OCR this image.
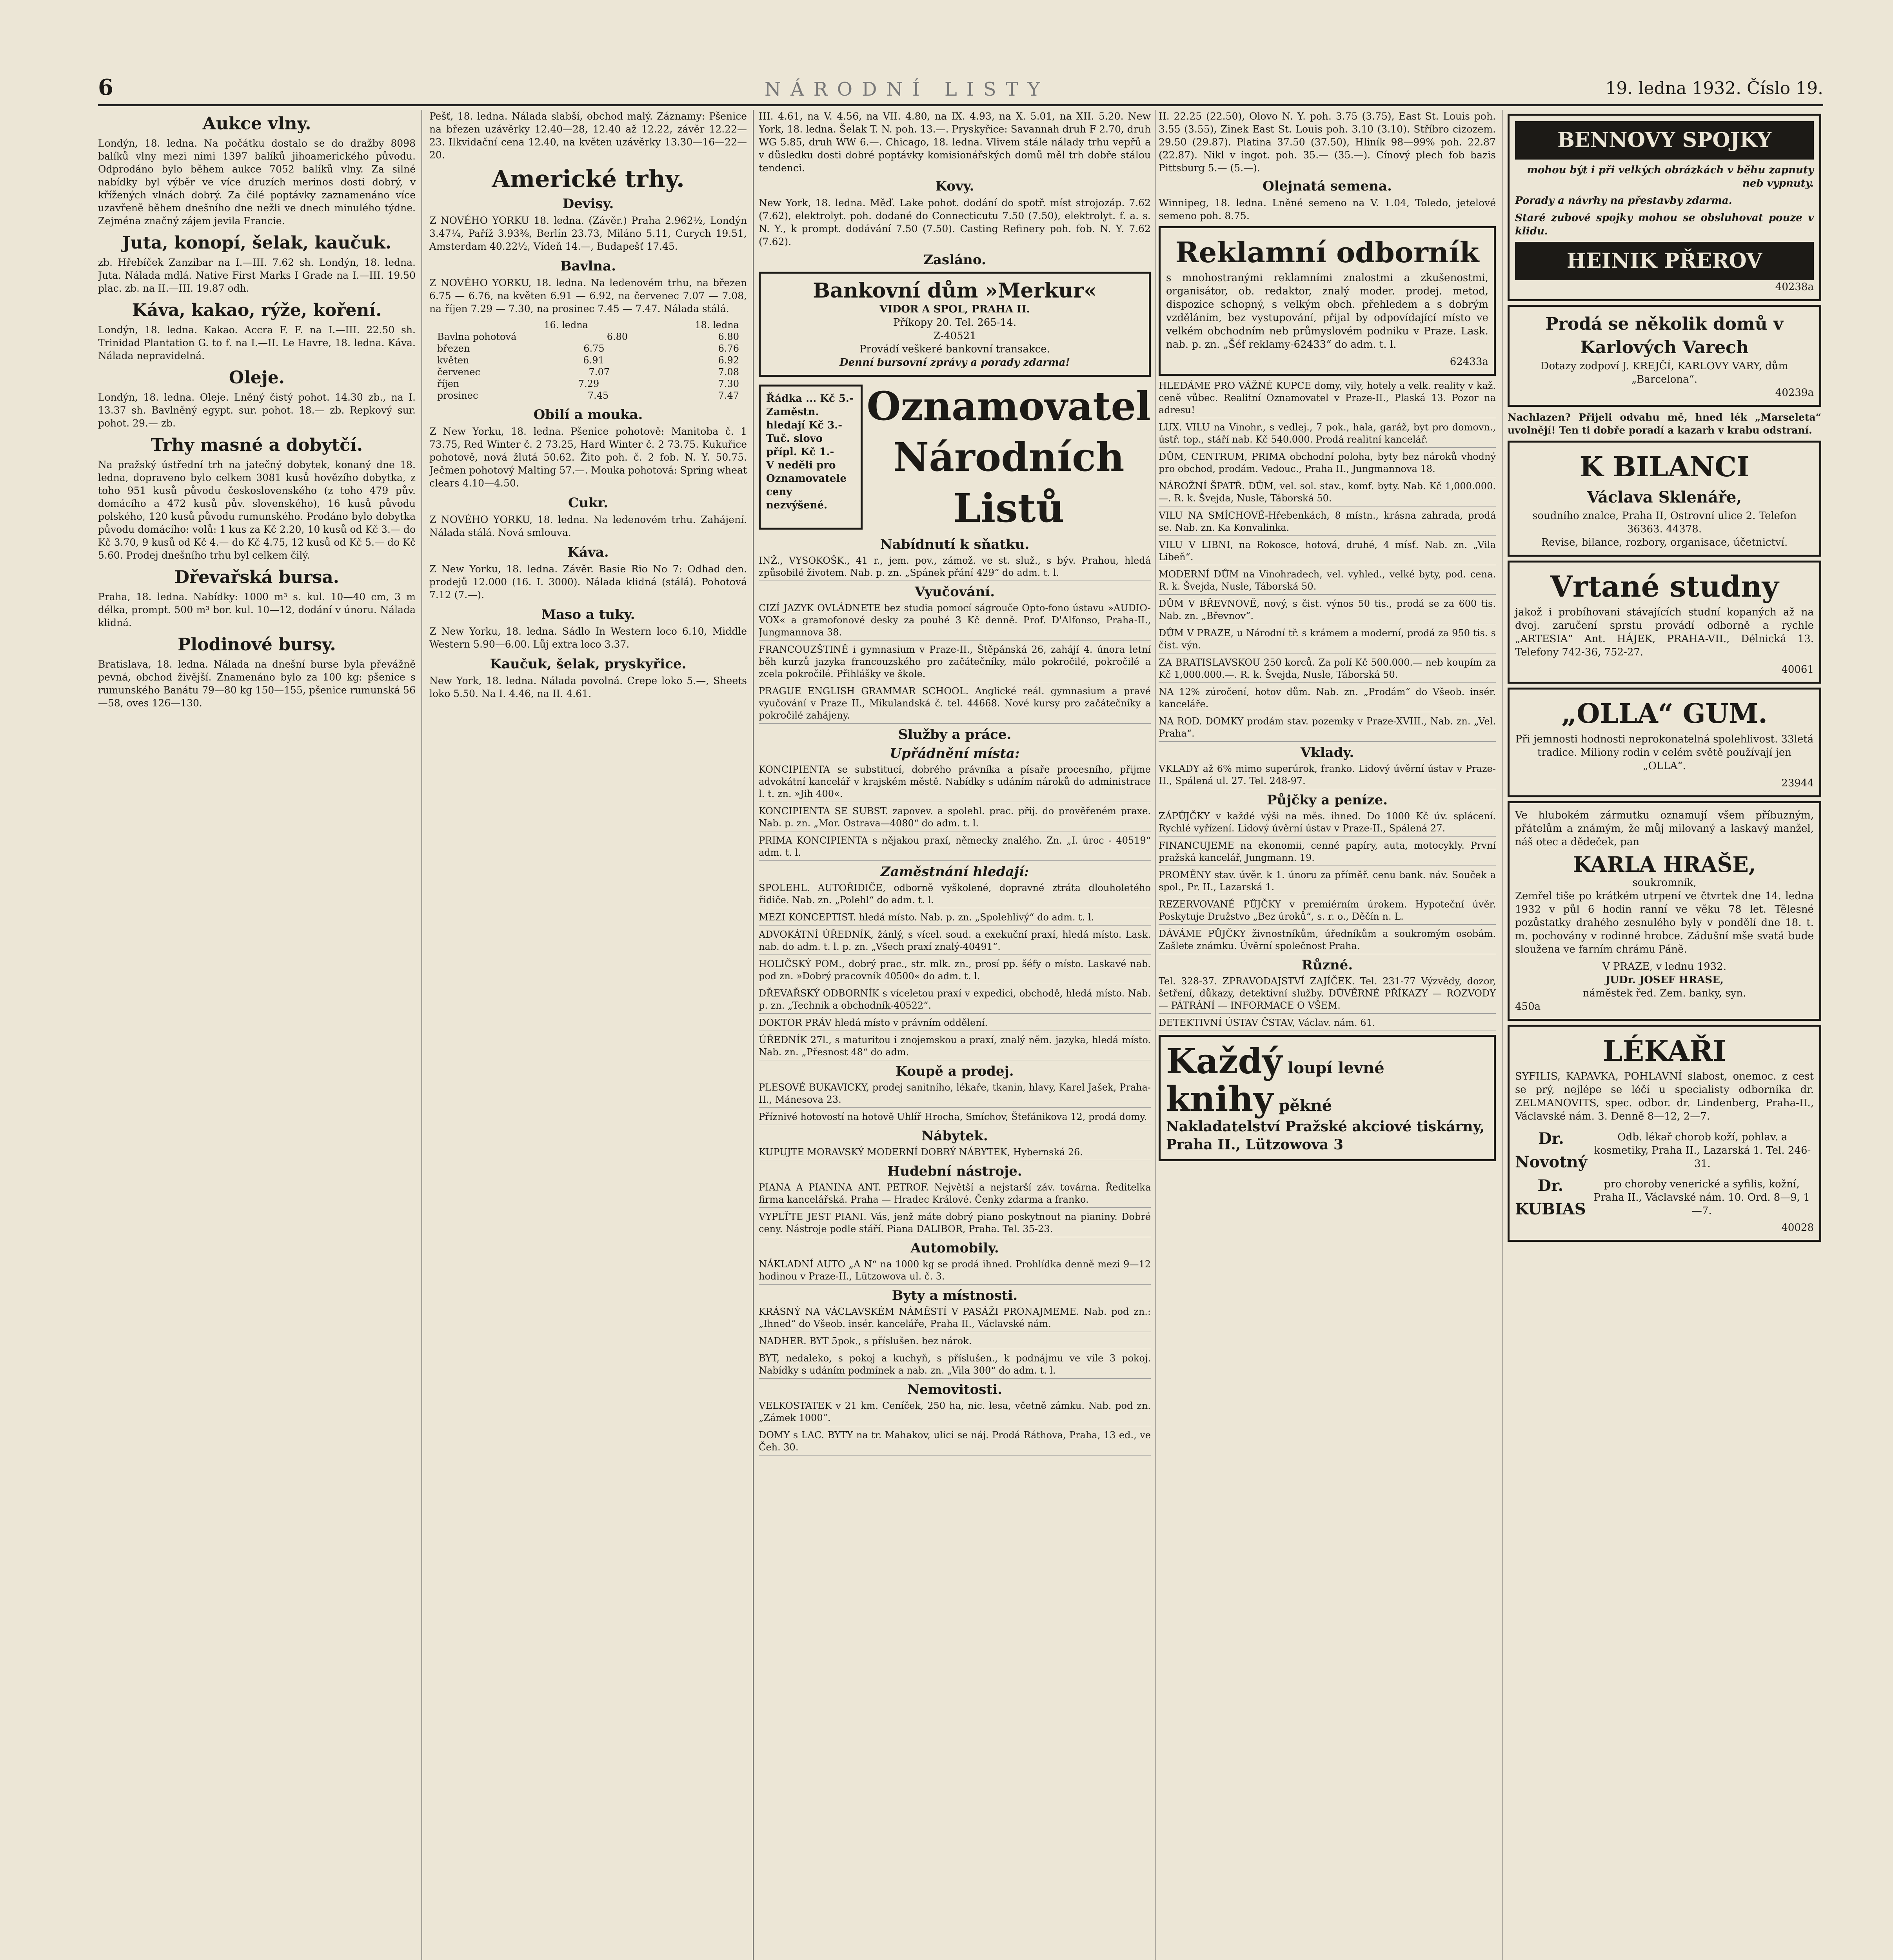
6	NÁRODNÍ LISTY	19. ledna 1932. Číslo 19.
Aukce vlny.

Londýn, 18. ledna. Na počátku dostalo se do dražby 8098 balíků vlny mezi nimi 1397 balíků jihoamerického původu. Odprodáno bylo během aukce 7052 balíků vlny. Za silné nabídky byl výběr ve více druzích merinos dosti dobrý, v křížených vlnách dobrý. Za čilé poptávky zaznamenáno více uzavřeně během dnešního dne nežli ve dnech minulého týdne. Zejména značný zájem jevila Francie.

Juta, konopí, šelak, kaučuk.

zb. Hřebíček Zanzibar na I.—III. 7.62 sh. Londýn, 18. ledna. Juta. Nálada mdlá. Native First Marks I Grade na I.—III. 19.50 plac. zb. na II.—III. 19.87 odh.

Káva, kakao, rýže, koření.

Londýn, 18. ledna. Kakao. Accra F. F. na I.—III. 22.50 sh. Trinidad Plantation G. to f. na I.—II. Le Havre, 18. ledna. Káva. Nálada nepravidelná.

Oleje.

Londýn, 18. ledna. Oleje. Lněný čistý pohot. 14.30 zb., na I. 13.37 sh. Bavlněný egypt. sur. pohot. 18.— zb. Repkový sur. pohot. 29.— zb.

Trhy masné a dobytčí.

Na pražský ústřední trh na jatečný dobytek, konaný dne 18. ledna, dopraveno bylo celkem 3081 kusů hovězího dobytka, z toho 951 kusů původu československého (z toho 479 pův. domácího a 472 kusů pův. slovenského), 16 kusů původu polského, 120 kusů původu rumunského. Prodáno bylo dobytka původu domácího: volů: 1 kus za Kč 2.20, 10 kusů od Kč 3.— do Kč 3.70, 9 kusů od Kč 4.— do Kč 4.75, 12 kusů od Kč 5.— do Kč 5.60. Prodej dnešního trhu byl celkem čilý.

Dřevařská bursa.

Praha, 18. ledna. Nabídky: 1000 m³ s. kul. 10—40 cm, 3 m délka, prompt. 500 m³ bor. kul. 10—12, dodání v únoru. Nálada klidná.

Plodinové bursy.

Bratislava, 18. ledna. Nálada na dnešní burse byla převážně pevná, obchod živější. Znamenáno bylo za 100 kg: pšenice s rumunského Banátu 79—80 kg 150—155, pšenice rumunská 56—58, oves 126—130.

Pešť, 18. ledna. Nálada slabší, obchod malý. Záznamy: Pšenice na březen uzávěrky 12.40—28, 12.40 až 12.22, závěr 12.22—23. Ilkvidační cena 12.40, na květen uzávěrky 13.30—16—22—20.

Americké trhy.
Devisy.

Z NOVÉHO YORKU 18. ledna. (Závěr.) Praha 2.962½, Londýn 3.47¼, Paříž 3.93⅜, Berlín 23.73, Miláno 5.11, Curych 19.51, Amsterdam 40.22½, Vídeň 14.—, Budapešť 17.45.

Bavlna.

Z NOVÉHO YORKU, 18. ledna. Na ledenovém trhu, na březen 6.75 — 6.76, na květen 6.91 — 6.92, na červenec 7.07 — 7.08, na říjen 7.29 — 7.30, na prosinec 7.45 — 7.47. Nálada stálá.

16. ledna	18. ledna
Bavlna pohotová	6.80	6.80
březen	6.75	6.76
květen	6.91	6.92
červenec	7.07	7.08
říjen	7.29	7.30
prosinec	7.45	7.47
Obilí a mouka.

Z New Yorku, 18. ledna. Pšenice pohotově: Manitoba č. 1 73.75, Red Winter č. 2 73.25, Hard Winter č. 2 73.75. Kukuřice pohotově, nová žlutá 50.62. Žito poh. č. 2 fob. N. Y. 50.75. Ječmen pohotový Malting 57.—. Mouka pohotová: Spring wheat clears 4.10—4.50.

Cukr.

Z NOVÉHO YORKU, 18. ledna. Na ledenovém trhu. Zahájení. Nálada stálá. Nová smlouva.

Káva.

Z New Yorku, 18. ledna. Závěr. Basie Rio No 7: Odhad den. prodejů 12.000 (16. I. 3000). Nálada klidná (stálá). Pohotová 7.12 (7.—).

Maso a tuky.

Z New Yorku, 18. ledna. Sádlo In Western loco 6.10, Middle Western 5.90—6.00. Lůj extra loco 3.37.

Kaučuk, šelak, pryskyřice.

New York, 18. ledna. Nálada povolná. Crepe loko 5.—, Sheets loko 5.50. Na I. 4.46, na II. 4.61.

III. 4.61, na V. 4.56, na VII. 4.80, na IX. 4.93, na X. 5.01, na XII. 5.20. New York, 18. ledna. Šelak T. N. poh. 13.—. Pryskyřice: Savannah druh F 2.70, druh WG 5.85, druh WW 6.—. Chicago, 18. ledna. Vlivem stále nálady trhu vepřů a v důsledku dosti dobré poptávky komisionářských domů měl trh dobře stálou tendenci.

Kovy.

New York, 18. ledna. Měď. Lake pohot. dodání do spotř. míst strojozáp. 7.62 (7.62), elektrolyt. poh. dodané do Connecticutu 7.50 (7.50), elektrolyt. f. a. s. N. Y., k prompt. dodávání 7.50 (7.50). Casting Refinery poh. fob. N. Y. 7.62 (7.62).

Zasláno.
Bankovní dům »Merkur«
VIDOR A SPOL, PRAHA II.
Příkopy 20. Tel. 265-14.
Z-40521
Provádí veškeré bankovní transakce.
Denní bursovní zprávy a porady zdarma!
Řádka ... Kč 5.-
Zaměstn. hledají Kč 3.-
Tuč. slovo přípl. Kč 1.-
V neděli pro Oznamovatele ceny nezvýšené.
Oznamovatel
Národních Listů
Nabídnutí k sňatku.
INŽ., VYSOKOŠK., 41 r., jem. pov., zámož. ve st. služ., s býv. Prahou, hledá způsobilé životem. Nab. p. zn. „Spánek přání 429“ do adm. t. l.
Vyučování.
CIZÍ JAZYK OVLÁDNETE bez studia pomocí ságrouče Opto-fono ústavu »AUDIO-VOX« a gramofonové desky za pouhé 3 Kč denně. Prof. D'Alfonso, Praha-II., Jungmannova 38.
FRANCOUZŠTINĚ i gymnasium v Praze-II., Štěpánská 26, zahájí 4. února letní běh kurzů jazyka francouzského pro začátečníky, málo pokročilé, pokročilé a zcela pokročilé. Přihlášky ve škole.
PRAGUE ENGLISH GRAMMAR SCHOOL. Anglické reál. gymnasium a pravé vyučování v Praze II., Mikulandská č. tel. 44668. Nové kursy pro začátečníky a pokročilé zahájeny.
Služby a práce.
Upřádnění místa:
KONCIPIENTA se substitucí, dobrého právníka a písaře procesního, přijme advokátní kancelář v krajském městě. Nabídky s udáním nároků do administrace l. t. zn. »Jih 400«.
KONCIPIENTA SE SUBST. zapovev. a spolehl. prac. přij. do prověřeném praxe. Nab. p. zn. „Mor. Ostrava—4080“ do adm. t. l.
PRIMA KONCIPIENTA s nějakou praxí, německy znalého. Zn. „I. úroc - 40519“ adm. t. l.
Zaměstnání hledají:
SPOLEHL. AUTOŘIDIČE, odborně vyškolené, dopravné ztráta dlouholetého řidiče. Nab. zn. „Polehl“ do adm. t. l.
MEZI KONCEPTIST. hledá místo. Nab. p. zn. „Spolehlivý“ do adm. t. l.
ADVOKÁTNÍ ÚŘEDNÍK, žánlý, s vícel. soud. a exekuční praxí, hledá místo. Lask. nab. do adm. t. l. p. zn. „Všech praxí znalý-40491“.
HOLIČSKÝ POM., dobrý prac., str. mlk. zn., prosí pp. šéfy o místo. Laskavé nab. pod zn. »Dobrý pracovník 40500« do adm. t. l.
DŘEVAŘSKÝ ODBORNÍK s víceletou praxí v expedici, obchodě, hledá místo. Nab. p. zn. „Technik a obchodník-40522“.
DOKTOR PRÁV hledá místo v právním oddělení.
ÚŘEDNÍK 27l., s maturitou i znojemskou a praxí, znalý něm. jazyka, hledá místo. Nab. zn. „Přesnost 48“ do adm.
Koupě a prodej.
PLESOVÉ BUKAVICKY, prodej sanitního, lékaře, tkanin, hlavy, Karel Jašek, Praha-II., Mánesova 23.
Příznivé hotovostí na hotově Uhlíř Hrocha, Smíchov, Štefánikova 12, prodá domy.
Nábytek.
KUPUJTE MORAVSKÝ MODERNÍ DOBRÝ NÁBYTEK, Hybernská 26.
Hudební nástroje.
PIANA A PIANINA ANT. PETROF. Největší a nejstarší záv. továrna. Ředitelka firma kancelářská. Praha — Hradec Králové. Čenky zdarma a franko.
VYPLŤTE JEST PIANI. Vás, jenž máte dobrý piano poskytnout na pianiny. Dobré ceny. Nástroje podle stáří. Piana DALIBOR, Praha. Tel. 35-23.
Automobily.
NÁKLADNÍ AUTO „A N“ na 1000 kg se prodá ihned. Prohlídka denně mezi 9—12 hodinou v Praze-II., Lützowova ul. č. 3.
Byty a místnosti.
KRÁSNÝ NA VÁCLAVSKÉM NÁMĚSTÍ V PASÁŽI PRONAJMEME. Nab. pod zn.: „Ihned“ do Všeob. insér. kanceláře, Praha II., Václavské nám.
NADHER. BYT 5pok., s příslušen. bez nárok.
BYT, nedaleko, s pokoj a kuchyň, s příslušen., k podnájmu ve vile 3 pokoj. Nabídky s udáním podmínek a nab. zn. „Vila 300“ do adm. t. l.
Nemovitosti.
VELKOSTATEK v 21 km. Ceníček, 250 ha, nic. lesa, včetně zámku. Nab. pod zn. „Zámek 1000“.
DOMY s LAC. BYTY na tr. Mahakov, ulici se náj. Prodá Ráthova, Praha, 13 ed., ve Čeh. 30.

II. 22.25 (22.50), Olovo N. Y. poh. 3.75 (3.75), East St. Louis poh. 3.55 (3.55), Zinek East St. Louis poh. 3.10 (3.10). Stříbro cizozem. 29.50 (29.87). Platina 37.50 (37.50), Hliník 98—99% poh. 22.87 (22.87). Nikl v ingot. poh. 35.— (35.—). Cínový plech fob bazis Pittsburg 5.— (5.—).

Olejnatá semena.

Winnipeg, 18. ledna. Lněné semeno na V. 1.04, Toledo, jetelové semeno poh. 8.75.

Reklamní odborník

s mnohostranými reklamními znalostmi a zkušenostmi, organisátor, ob. redaktor, znalý moder. prodej. metod, dispozice schopný, s velkým obch. přehledem a s dobrým vzděláním, bez vystupování, přijal by odpovídající místo ve velkém obchodním neb průmyslovém podniku v Praze. Lask. nab. p. zn. „Šéf reklamy-62433“ do adm. t. l.

62433a
HLEDÁME PRO VÁŽNÉ KUPCE domy, vily, hotely a velk. reality v kaž. ceně vůbec. Realitní Oznamovatel v Praze-II., Plaská 13. Pozor na adresu!
LUX. VILU na Vinohr., s vedlej., 7 pok., hala, garáž, byt pro domovn., ústř. top., stáří nab. Kč 540.000. Prodá realitní kancelář.
DŮM, CENTRUM, PRIMA obchodní poloha, byty bez nároků vhodný pro obchod, prodám. Vedouc., Praha II., Jungmannova 18.
NÁROŽNÍ ŠPATŘ. DŮM, vel. sol. stav., komf. byty. Nab. Kč 1,000.000.—. R. k. Švejda, Nusle, Táborská 50.
VILU NA SMÍCHOVĚ-Hřebenkách, 8 místn., krásna zahrada, prodá se. Nab. zn. Ka Konvalinka.
VILU V LIBNI, na Rokosce, hotová, druhé, 4 mísť. Nab. zn. „Vila Libeň“.
MODERNÍ DŮM na Vinohradech, vel. vyhled., velké byty, pod. cena. R. k. Švejda, Nusle, Táborská 50.
DŮM V BŘEVNOVĚ, nový, s čist. výnos 50 tis., prodá se za 600 tis. Nab. zn. „Břevnov“.
DŮM V PRAZE, u Národní tř. s krámem a moderní, prodá za 950 tis. s čist. výn.
ZA BRATISLAVSKOU 250 korců. Za polí Kč 500.000.— neb koupím za Kč 1,000.000.—. R. k. Švejda, Nusle, Táborská 50.
NA 12% zúročení, hotov dům. Nab. zn. „Prodám“ do Všeob. insér. kanceláře.
NA ROD. DOMKY prodám stav. pozemky v Praze-XVIII., Nab. zn. „Vel. Praha“.
Vklady.
VKLADY až 6% mimo superúrok, franko. Lidový úvěrní ústav v Praze-II., Spálená ul. 27. Tel. 248-97.
Půjčky a peníze.
ZÁPŮJČKY v každé výši na měs. ihned. Do 1000 Kč úv. splácení. Rychlé vyřízení. Lidový úvěrní ústav v Praze-II., Spálená 27.
FINANCUJEME na ekonomii, cenné papíry, auta, motocykly. První pražská kancelář, Jungmann. 19.
PROMĚNY stav. úvěr. k 1. únoru za příměř. cenu bank. náv. Souček a spol., Pr. II., Lazarská 1.
REZERVOVANÉ PŮJČKY v premiérním úrokem. Hypoteční úvěr. Poskytuje Družstvo „Bez úroků“, s. r. o., Děčín n. L.
DÁVÁME PŮJČKY živnostníkům, úředníkům a soukromým osobám. Zašlete známku. Úvěrní společnost Praha.
Různé.
Tel. 328-37. ZPRAVODAJSTVÍ ZAJÍČEK. Tel. 231-77 Výzvědy, dozor, šetření, důkazy, detektivní služby. DŮVĚRNÉ PŘÍKAZY — ROZVODY — PÁTRÁNÍ — INFORMACE O VŠEM.
DETEKTIVNÍ ÚSTAV ČSTAV, Václav. nám. 61.
Každý loupí levné
knihy pěkné
Nakladatelství Pražské akciové tiskárny, Praha II., Lützowova 3
BENNOVY SPOJKY

mohou být i při velkých obrázkách v běhu zapnuty neb vypnuty.

Porady a návrhy na přestavby zdarma.

Staré zubové spojky mohou se obsluhovat pouze v klidu.

HEINIK PŘEROV
40238a
Prodá se několik domů v Karlových Varech
Dotazy zodpoví J. KREJČÍ, KARLOVY VARY, dům „Barcelona“.
40239a

Nachlazen? Přijeli odvahu mě, hned lék „Marseleta“ uvolnějí! Ten ti dobře poradí a kazarh v krabu odstraní.

K BILANCI
Václava Sklenáře,
soudního znalce, Praha II, Ostrovní ulice 2. Telefon 36363. 44378.
Revise, bilance, rozbory, organisace, účetnictví.
Vrtané studny

jakož i probíhovani stávajících studní kopaných až na dvoj. zaručení sprstu provádí odborně a rychle „ARTESIA“ Ant. HÁJEK, PRAHA-VII., Délnická 13. Telefony 742-36, 752-27.

40061
„OLLA“ GUM.

Při jemnosti hodnosti neprokonatelná spolehlivost. 33letá tradice. Miliony rodin v celém světě používají jen „OLLA“.

23944

Ve hlubokém zármutku oznamují všem příbuzným, přátelům a známým, že můj milovaný a laskavý manžel, náš otec a dědeček, pan

KARLA HRAŠE,
soukromník,

Zemřel tiše po krátkém utrpení ve čtvrtek dne 14. ledna 1932 v půl 6 hodin ranní ve věku 78 let. Tělesné pozůstatky drahého zesnulého byly v pondělí dne 18. t. m. pochovány v rodinné hrobce. Zádušní mše svatá bude sloužena ve farním chrámu Páně.

V PRAZE, v lednu 1932.
JUDr. JOSEF HRASE,
náměstek řed. Zem. banky, syn.
450a
LÉKAŘI

SYFILIS, KAPAVKA, POHLAVNÍ slabost, onemoc. z cest se prý, nejlépe se léčí u specialisty odborníka dr. ZELMANOVITS, spec. odbor. dr. Lindenberg, Praha-II., Václavské nám. 3. Denně 8—12, 2—7.

Dr. Novotný
Odb. lékař chorob koží, pohlav. a kosmetiky, Praha II., Lazarská 1. Tel. 246-31.
Dr. KUBIAS
pro choroby venerické a syfilis, kožní, Praha II., Václavské nám. 10. Ord. 8—9, 1—7.
40028
